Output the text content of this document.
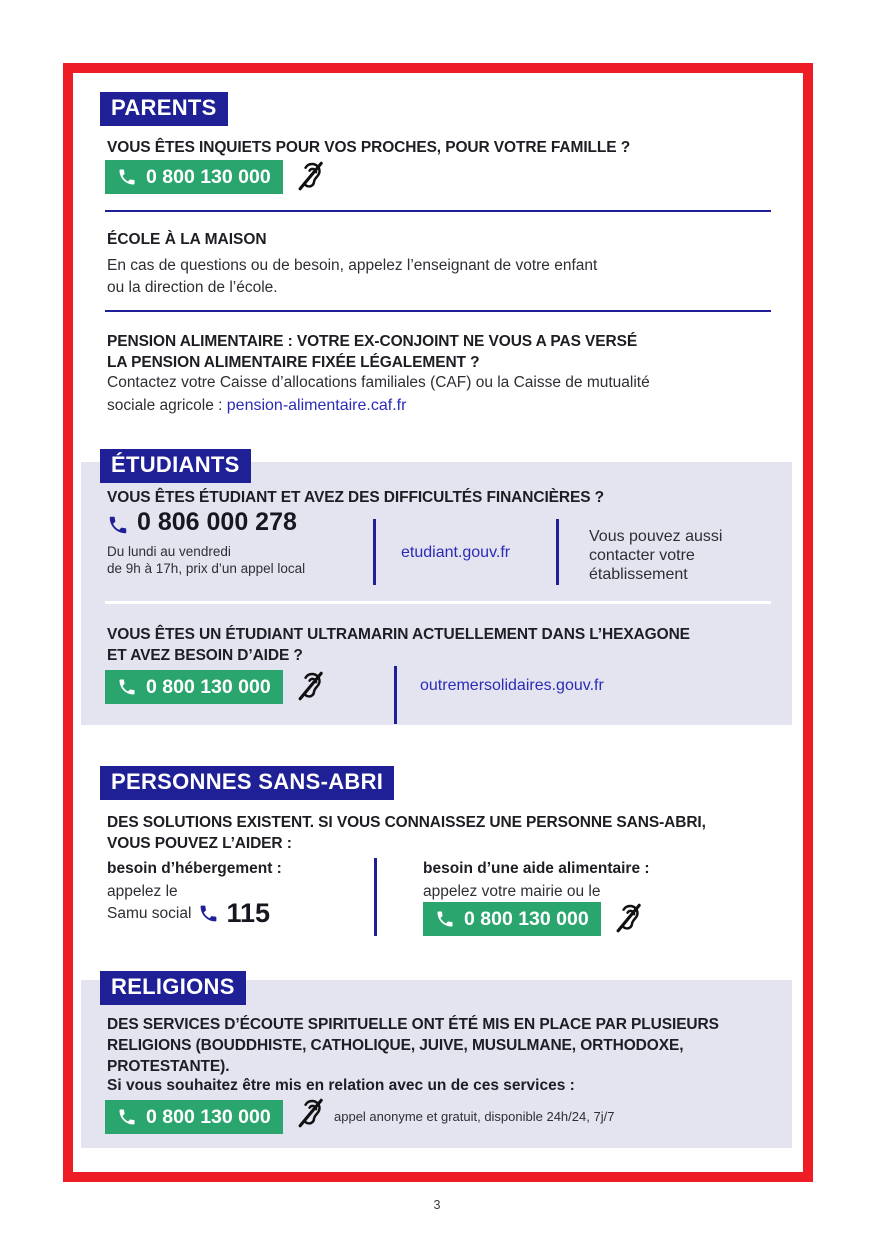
PARENTS
VOUS ÊTES INQUIETS POUR VOS PROCHES, POUR VOTRE FAMILLE ?
0 800 130 000
ÉCOLE À LA MAISON
En cas de questions ou de besoin, appelez l’enseignant de votre enfant
ou la direction de l’école.
PENSION ALIMENTAIRE : VOTRE EX-CONJOINT NE VOUS A PAS VERSÉ
LA PENSION ALIMENTAIRE FIXÉE LÉGALEMENT ?
Contactez votre Caisse d’allocations familiales (CAF) ou la Caisse de mutualité
sociale agricole : pension-alimentaire.caf.fr
ÉTUDIANTS
VOUS ÊTES ÉTUDIANT ET AVEZ DES DIFFICULTÉS FINANCIÈRES ?
0 806 000 278
Du lundi au vendredi
de 9h à 17h, prix d’un appel local
etudiant.gouv.fr
Vous pouvez aussi
contacter votre
établissement
VOUS ÊTES UN ÉTUDIANT ULTRAMARIN ACTUELLEMENT DANS L’HEXAGONE
ET AVEZ BESOIN D’AIDE ?
0 800 130 000	outremersolidaires.gouv.fr
PERSONNES SANS-ABRI
DES SOLUTIONS EXISTENT. SI VOUS CONNAISSEZ UNE PERSONNE SANS-ABRI,
VOUS POUVEZ L’AIDER :
besoin d’hébergement :
appelez le
Samu social 115
besoin d’une aide alimentaire :
appelez votre mairie ou le
0 800 130 000
RELIGIONS
DES SERVICES D’ÉCOUTE SPIRITUELLE ONT ÉTÉ MIS EN PLACE PAR PLUSIEURS
RELIGIONS (BOUDDHISTE, CATHOLIQUE, JUIVE, MUSULMANE, ORTHODOXE,
PROTESTANTE).
Si vous souhaitez être mis en relation avec un de ces services :
0 800 130 000	appel anonyme et gratuit, disponible 24h/24, 7j/7
3
